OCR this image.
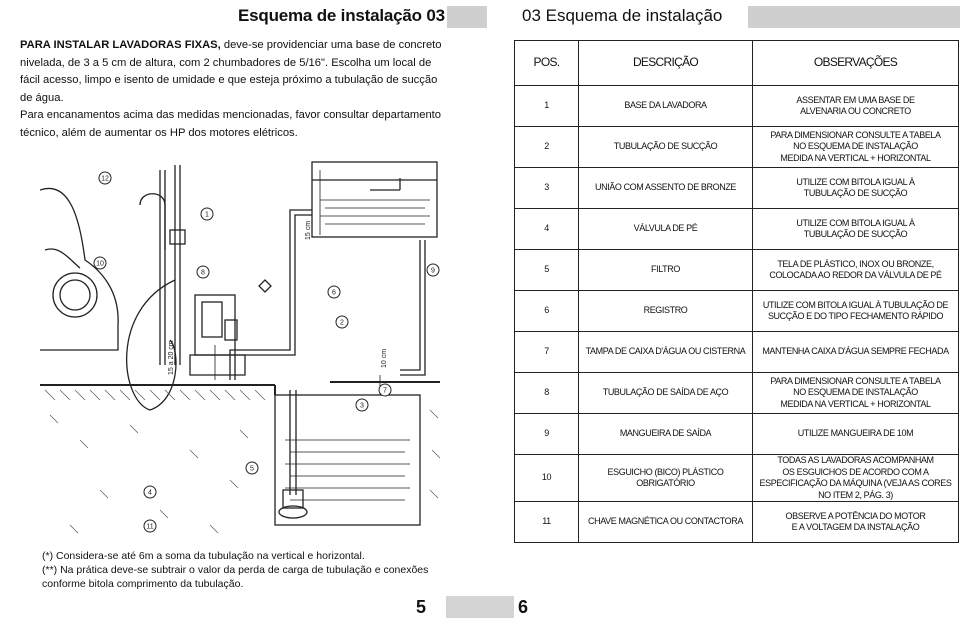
Esquema de instalação 03	03 Esquema de instalação
PARA INSTALAR LAVADORAS FIXAS, deve-se providenciar uma base de concreto nivelada, de 3 a 5 cm de altura, com 2 chumbadores de 5/16". Escolha um local de fácil acesso, limpo e isento de umidade e que esteja próximo a tubulação de sucção de água.
Para encanamentos acima das medidas mencionadas, favor consultar departamento técnico, além de aumentar os HP dos motores elétricos.
12
1
10
8
6
2
9
7
3
5
4
11
15 cm
15 a 20 cm	10 cm
POS.	DESCRIÇÃO	OBSERVAÇÕES
1	BASE DA LAVADORA	ASSENTAR EM UMA BASE DE
ALVENARIA OU CONCRETO
2	TUBULAÇÃO DE SUCÇÃO	PARA DIMENSIONAR CONSULTE A TABELA
NO ESQUEMA DE INSTALAÇÃO
MEDIDA NA VERTICAL + HORIZONTAL
3	UNIÃO COM ASSENTO DE BRONZE	UTILIZE COM BITOLA IGUAL À
TUBULAÇÃO DE SUCÇÃO
4	VÁLVULA DE PÉ	UTILIZE COM BITOLA IGUAL À
TUBULAÇÃO DE SUCÇÃO
5	FILTRO	TELA DE PLÁSTICO, INOX OU BRONZE,
COLOCADA AO REDOR DA VÁLVULA DE PÉ
6	REGISTRO	UTILIZE COM BITOLA IGUAL À TUBULAÇÃO DE
SUCÇÃO E DO TIPO FECHAMENTO RÁPIDO
7	TAMPA DE CAIXA D'ÁGUA OU CISTERNA	MANTENHA CAIXA D'ÁGUA SEMPRE FECHADA
8	TUBULAÇÃO DE SAÍDA DE AÇO	PARA DIMENSIONAR CONSULTE A TABELA
NO ESQUEMA DE INSTALAÇÃO
MEDIDA NA VERTICAL + HORIZONTAL
9	MANGUEIRA DE SAÍDA	UTILIZE MANGUEIRA DE 10M
10	ESGUICHO (BICO) PLÁSTICO
OBRIGATÓRIO	TODAS AS LAVADORAS ACOMPANHAM
OS ESGUICHOS DE ACORDO COM A
ESPECIFICAÇÃO DA MÁQUINA (VEJA AS CORES
NO ITEM 2, PÁG. 3)
11	CHAVE MAGNÉTICA OU CONTACTORA	OBSERVE A POTÊNCIA DO MOTOR
E A VOLTAGEM DA INSTALAÇÃO
(*) Considera-se até 6m a soma da tubulação na vertical e horizontal.
(**) Na prática deve-se subtrair o valor da perda de carga de tubulação e conexões conforme bitola comprimento da tubulação.
5	6
